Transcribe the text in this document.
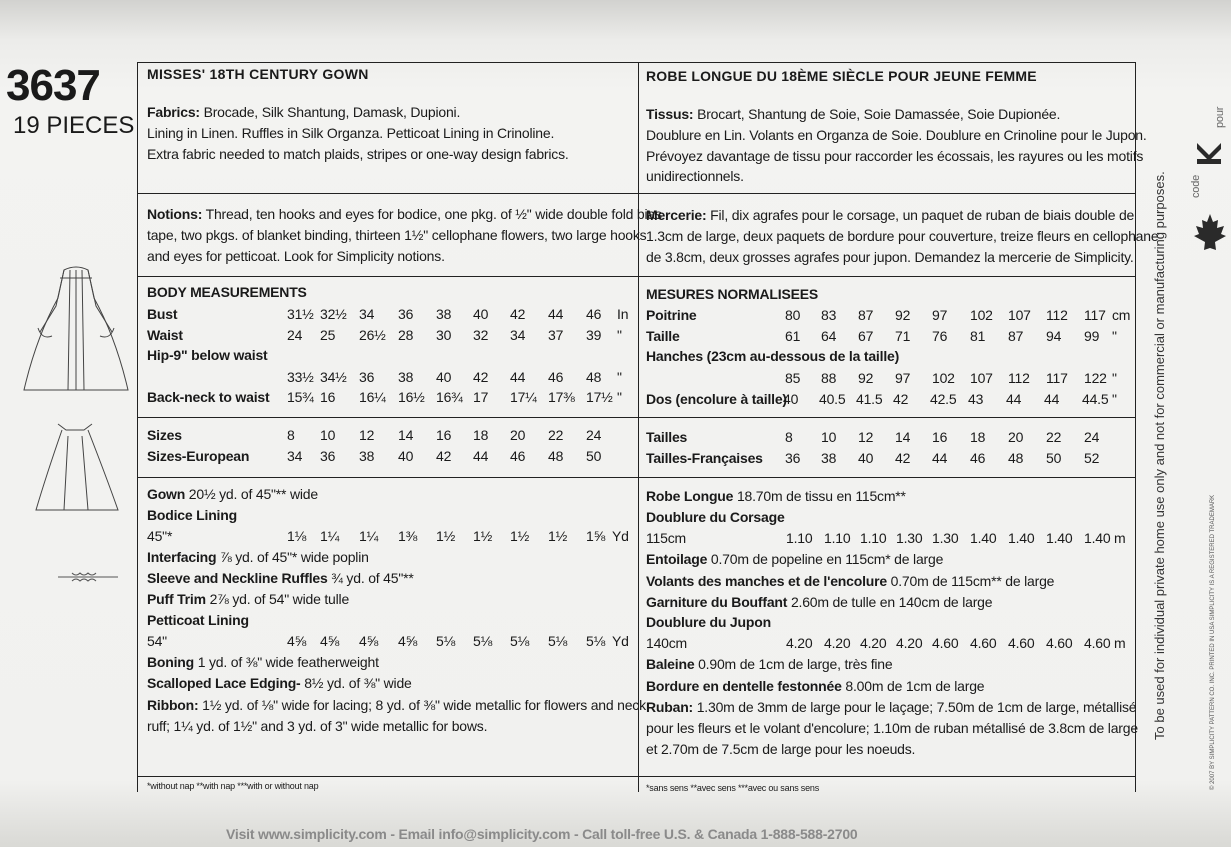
3637
19 PIECES
MISSES' 18TH CENTURY GOWN
Fabrics: Brocade, Silk Shantung, Damask, Dupioni.
Lining in Linen. Ruffles in Silk Organza. Petticoat Lining in Crinoline.
Extra fabric needed to match plaids, stripes or one-way design fabrics.
Notions: Thread, ten hooks and eyes for bodice, one pkg. of ½" wide double fold bias
tape, two pkgs. of blanket binding, thirteen 1½" cellophane flowers, two large hooks
and eyes for petticoat. Look for Simplicity notions.
BODY MEASUREMENTS
Gown 20½ yd. of 45"** wide
Bodice Lining
Interfacing ⅞ yd. of 45"* wide poplin
Sleeve and Neckline Ruffles ¾ yd. of 45"**
Puff Trim 2⅞ yd. of 54" wide tulle
Petticoat Lining
Boning 1 yd. of ⅜" wide featherweight
Scalloped Lace Edging- 8½ yd. of ⅜" wide
Ribbon: 1½ yd. of ⅛" wide for lacing; 8 yd. of ⅜" wide metallic for flowers and neck
ruff; 1¼ yd. of 1½" and 3 yd. of 3" wide metallic for bows.
*without nap **with nap ***with or without nap
ROBE LONGUE DU 18ÈME SIÈCLE POUR JEUNE FEMME
Tissus: Brocart, Shantung de Soie, Soie Damassée, Soie Dupionée.
Doublure en Lin. Volants en Organza de Soie. Doublure en Crinoline pour le Jupon.
Prévoyez davantage de tissu pour raccorder les écossais, les rayures ou les motifs
unidirectionnels.
Mercerie: Fil, dix agrafes pour le corsage, un paquet de ruban de biais double de
1.3cm de large, deux paquets de bordure pour couverture, treize fleurs en cellophane
de 3.8cm, deux grosses agrafes pour jupon. Demandez la mercerie de Simplicity.
MESURES NORMALISEES
Robe Longue 18.70m de tissu en 115cm**
Doublure du Corsage
Entoilage 0.70m de popeline en 115cm* de large
Volants des manches et de l'encolure 0.70m de 115cm** de large
Garniture du Bouffant 2.60m de tulle en 140cm de large
Doublure du Jupon
Baleine 0.90m de 1cm de large, très fine
Bordure en dentelle festonnée 8.00m de 1cm de large
Ruban: 1.30m de 3mm de large pour le laçage; 7.50m de 1cm de large, métallisé
pour les fleurs et le volant d'encolure; 1.10m de ruban métallisé de 3.8cm de large
et 2.70m de 7.5cm de large pour les noeuds.
*sans sens **avec sens ***avec ou sans sens
To be used for individual private home use only and not for commercial or manufacturing purposes.	© 2007 BY SIMPLICITY PATTERN CO. INC. PRINTED IN USA SIMPLICITY IS A REGISTERED TRADEMARK
code
pour
Visit www.simplicity.com - Email info@simplicity.com - Call toll-free U.S. & Canada 1-888-588-2700
Bust	31½ 32½ 34 36 38 40 42 44 46 In
Waist	24 25 26½ 28 30 32 34 37 39 "
Hip-9" below waist
33½ 34½ 36 38 40 42 44 46 48 "
Back-neck to waist 15¾ 16 16¼ 16½ 16¾ 17 17¼ 17⅜ 17½ "
Sizes	8 10 12 14 16 18 20 22 24
Sizes-European	34 36 38 40 42 44 46 48 50
45"*	1⅛ 1¼ 1¼ 1⅜ 1½ 1½ 1½ 1½ 1⅝ Yd
54"	4⅝ 4⅝ 4⅝ 4⅝ 5⅛ 5⅛ 5⅛ 5⅛ 5⅛ Yd
Poitrine	80 83 87 92 97 102 107 112 117 cm
Taille	61 64 67 71 76 81 87 94 99 "
Hanches (23cm au-dessous de la taille)
85 88 92 97 102 107 112 117 122 "
Dos (encolure à taille)
40 40.5 41.5 42 42.5 43 44 44 44.5 "
Tailles	8 10 12 14 16 18 20 22 24
Tailles-Françaises 36 38 40 42 44 46 48 50 52
115cm	1.10 1.10 1.10 1.30 1.30 1.40 1.40 1.40 1.40 m
140cm	4.20 4.20 4.20 4.20 4.60 4.60 4.60 4.60 4.60 m
